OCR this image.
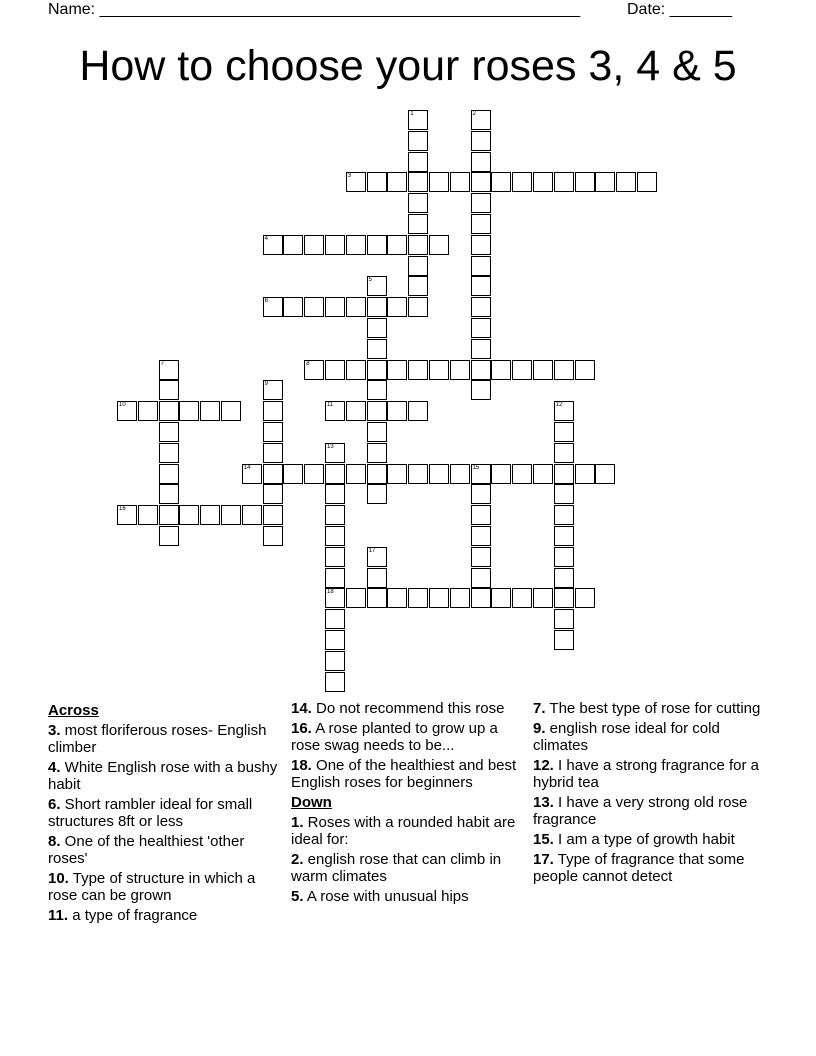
Name: ______________________________________________________	Date: _______
How to choose your roses 3, 4 & 5
1	2
3
4
5
6
7	8
9
10	11	12
13
18
14	15
16
17
Across
3. most floriferous roses- English climber
4. White English rose with a bushy habit
6. Short rambler ideal for small structures 8ft or less
8. One of the healthiest 'other roses'
10. Type of structure in which a rose can be grown
11. a type of fragrance
14. Do not recommend this rose
16. A rose planted to grow up a rose swag needs to be...
18. One of the healthiest and best English roses for beginners
Down
1. Roses with a rounded habit are ideal for:
2. english rose that can climb in warm climates
5. A rose with unusual hips
7. The best type of rose for cutting
9. english rose ideal for cold climates
12. I have a strong fragrance for a hybrid tea
13. I have a very strong old rose fragrance
15. I am a type of growth habit
17. Type of fragrance that some people cannot detect
